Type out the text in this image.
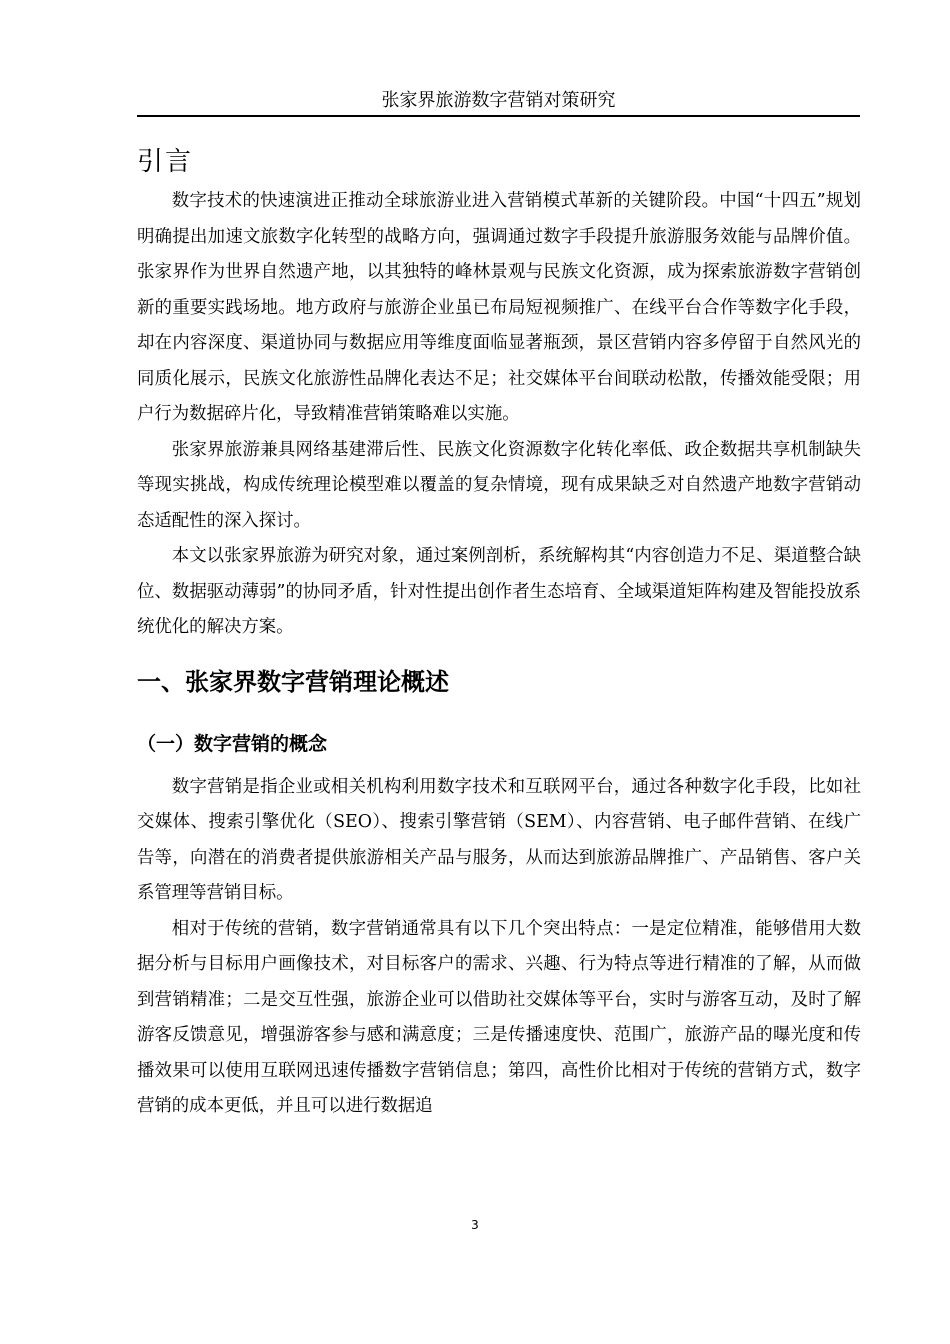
张家界旅游数字营销对策研究
引言

数字技术的快速演进正推动全球旅游业进入营销模式革新的关键阶段。中国“十四五”规划明确提出加速文旅数字化转型的战略方向，强调通过数字手段提升旅游服务效能与品牌价值。张家界作为世界自然遗产地，以其独特的峰林景观与民族文化资源，成为探索旅游数字营销创新的重要实践场地。地方政府与旅游企业虽已布局短视频推广、在线平台合作等数字化手段，却在内容深度、渠道协同与数据应用等维度面临显著瓶颈，景区营销内容多停留于自然风光的同质化展示，民族文化旅游性品牌化表达不足；社交媒体平台间联动松散，传播效能受限；用户行为数据碎片化，导致精准营销策略难以实施。

张家界旅游兼具网络基建滞后性、民族文化资源数字化转化率低、政企数据共享机制缺失等现实挑战，构成传统理论模型难以覆盖的复杂情境，现有成果缺乏对自然遗产地数字营销动态适配性的深入探讨。

本文以张家界旅游为研究对象，通过案例剖析，系统解构其“内容创造力不足、渠道整合缺位、数据驱动薄弱”的协同矛盾，针对性提出创作者生态培育、全域渠道矩阵构建及智能投放系统优化的解决方案。

一、张家界数字营销理论概述
（一）数字营销的概念

数字营销是指企业或相关机构利用数字技术和互联网平台，通过各种数字化手段，比如社交媒体、搜索引擎优化（SEO）、搜索引擎营销（SEM）、内容营销、电子邮件营销、在线广告等，向潜在的消费者提供旅游相关产品与服务，从而达到旅游品牌推广、产品销售、客户关系管理等营销目标。

相对于传统的营销，数字营销通常具有以下几个突出特点：一是定位精准，能够借用大数据分析与目标用户画像技术，对目标客户的需求、兴趣、行为特点等进行精准的了解，从而做到营销精准；二是交互性强，旅游企业可以借助社交媒体等平台，实时与游客互动，及时了解游客反馈意见，增强游客参与感和满意度；三是传播速度快、范围广，旅游产品的曝光度和传播效果可以使用互联网迅速传播数字营销信息；第四，高性价比相对于传统的营销方式，数字营销的成本更低，并且可以进行数据追

3
